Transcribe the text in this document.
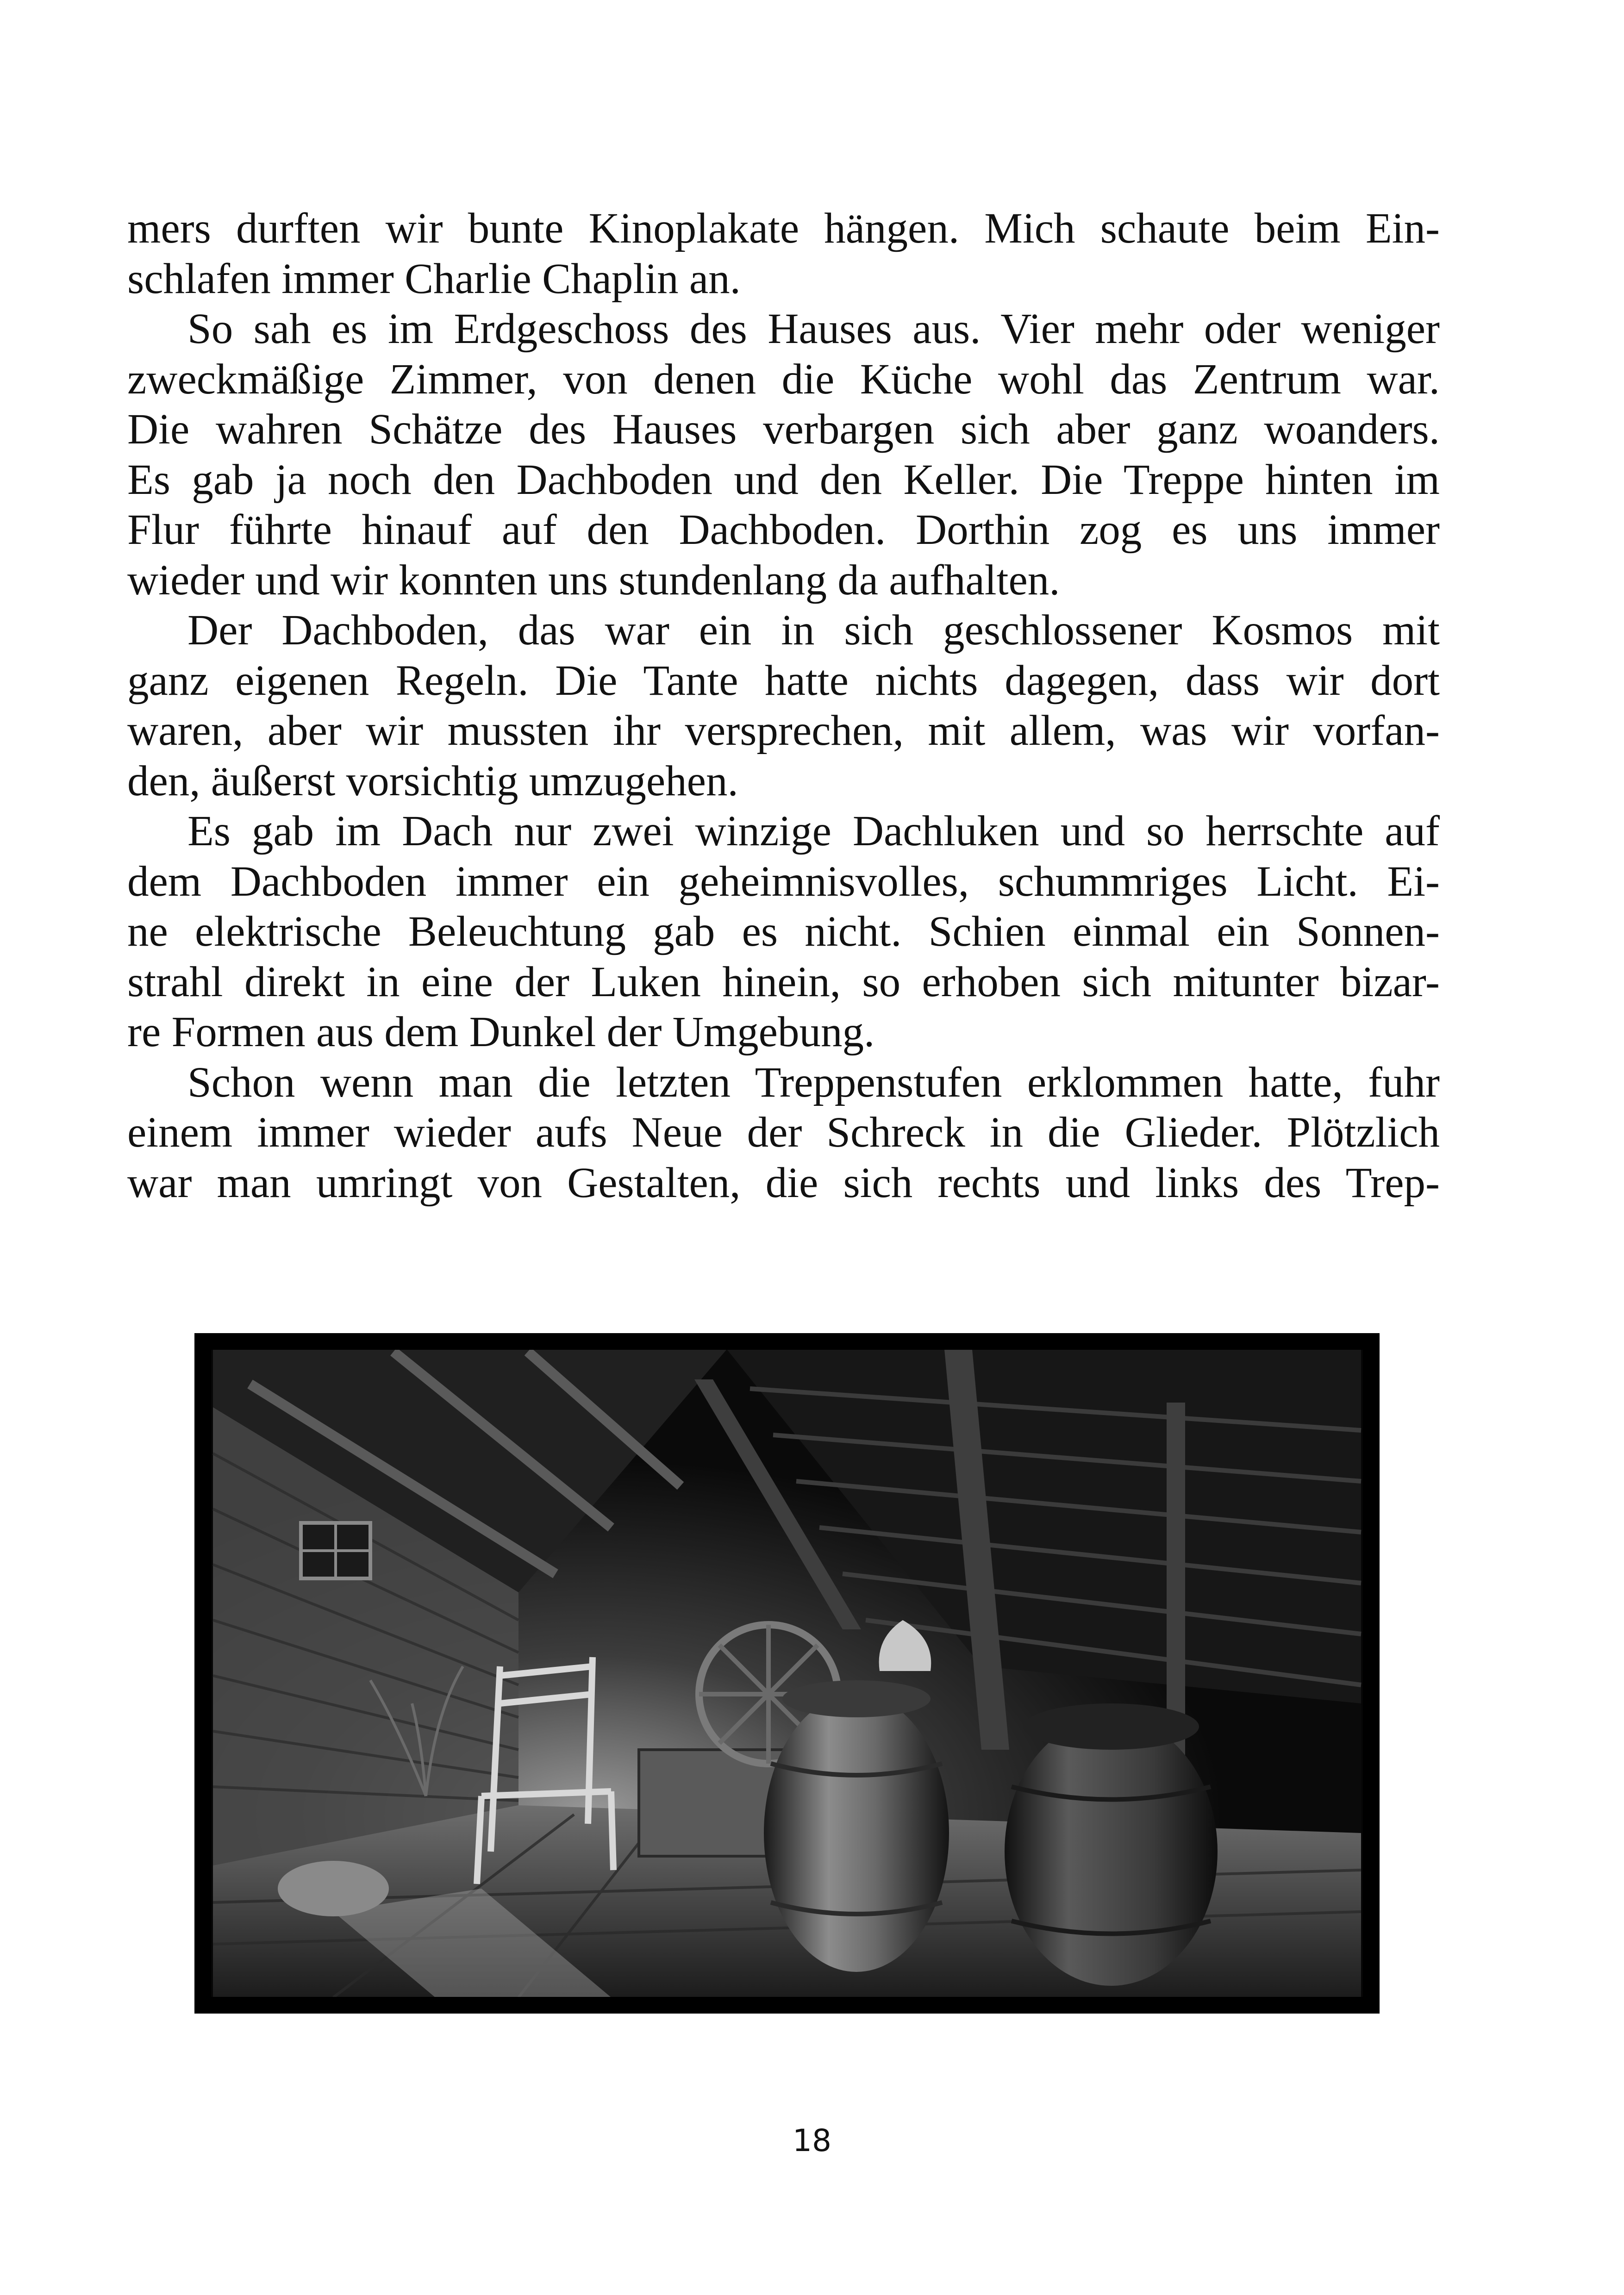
mers durften wir bunte Kinoplakate hängen. Mich schaute beim Ein-
schlafen immer Charlie Chaplin an.
So sah es im Erdgeschoss des Hauses aus. Vier mehr oder weniger
zweckmäßige Zimmer, von denen die Küche wohl das Zentrum war.
Die wahren Schätze des Hauses verbargen sich aber ganz woanders.
Es gab ja noch den Dachboden und den Keller. Die Treppe hinten im
Flur führte hinauf auf den Dachboden. Dorthin zog es uns immer
wieder und wir konnten uns stundenlang da aufhalten.
Der Dachboden, das war ein in sich geschlossener Kosmos mit
ganz eigenen Regeln. Die Tante hatte nichts dagegen, dass wir dort
waren, aber wir mussten ihr versprechen, mit allem, was wir vorfan-
den, äußerst vorsichtig umzugehen.
Es gab im Dach nur zwei winzige Dachluken und so herrschte auf
dem Dachboden immer ein geheimnisvolles, schummriges Licht. Ei-
ne elektrische Beleuchtung gab es nicht. Schien einmal ein Sonnen-
strahl direkt in eine der Luken hinein, so erhoben sich mitunter bizar-
re Formen aus dem Dunkel der Umgebung.
Schon wenn man die letzten Treppenstufen erklommen hatte, fuhr
einem immer wieder aufs Neue der Schreck in die Glieder. Plötzlich
war man umringt von Gestalten, die sich rechts und links des Trep-
18
